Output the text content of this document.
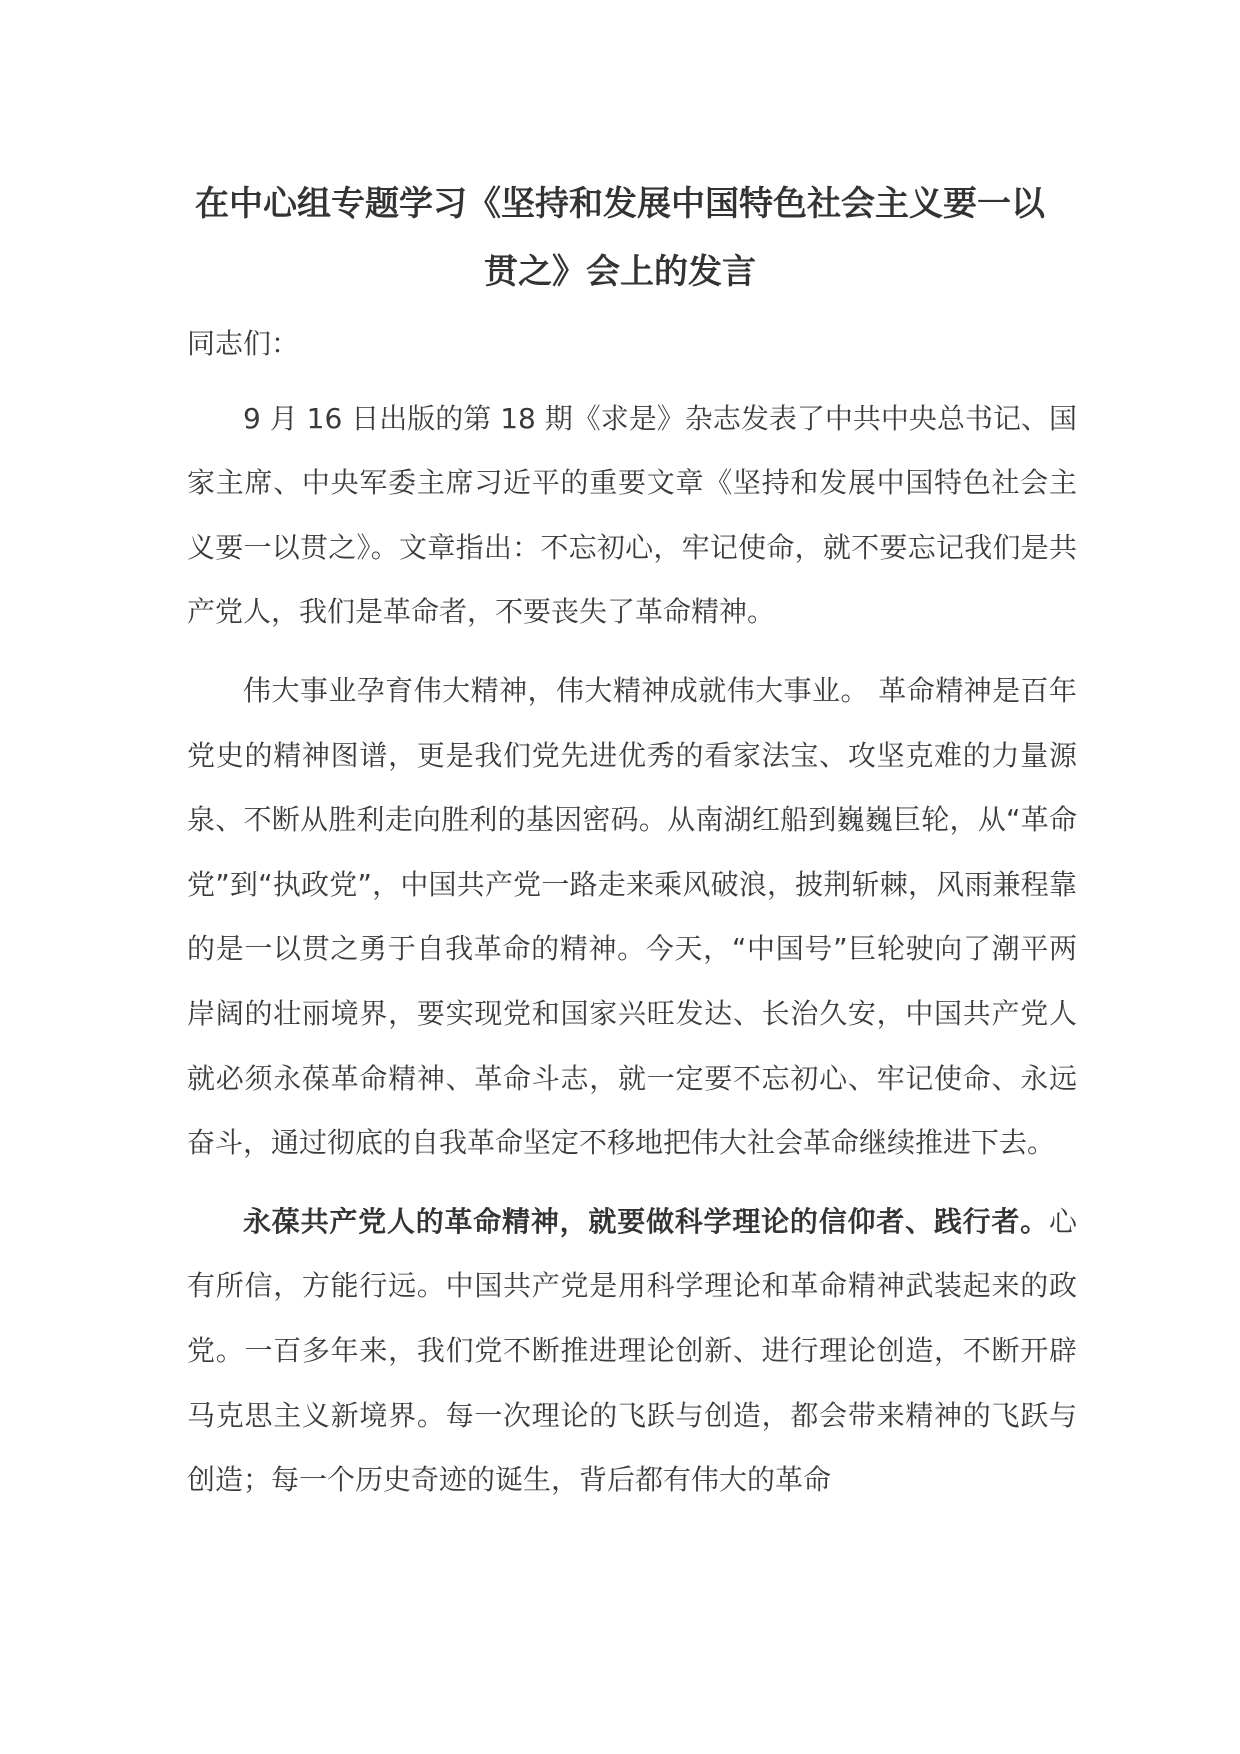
在中心组专题学习《坚持和发展中国特色社会主义要一以
贯之》会上的发言

同志们：

9 月 16 日出版的第 18 期《求是》杂志发表了中共中央总书记、国家主席、中央军委主席习近平的重要文章《坚持和发展中国特色社会主义要一以贯之》。文章指出：不忘初心，牢记使命，就不要忘记我们是共产党人，我们是革命者，不要丧失了革命精神。

伟大事业孕育伟大精神，伟大精神成就伟大事业。 革命精神是百年党史的精神图谱，更是我们党先进优秀的看家法宝、攻坚克难的力量源泉、不断从胜利走向胜利的基因密码。从南湖红船到巍巍巨轮，从“革命党”到“执政党”，中国共产党一路走来乘风破浪，披荆斩棘，风雨兼程靠的是一以贯之勇于自我革命的精神。今天，“中国号”巨轮驶向了潮平两岸阔的壮丽境界，要实现党和国家兴旺发达、长治久安，中国共产党人就必须永葆革命精神、革命斗志，就一定要不忘初心、牢记使命、永远奋斗，通过彻底的自我革命坚定不移地把伟大社会革命继续推进下去。

永葆共产党人的革命精神，就要做科学理论的信仰者、践行者。心有所信，方能行远。中国共产党是用科学理论和革命精神武装起来的政党。一百多年来，我们党不断推进理论创新、进行理论创造，不断开辟马克思主义新境界。每一次理论的飞跃与创造，都会带来精神的飞跃与创造；每一个历史奇迹的诞生，背后都有伟大的革命
